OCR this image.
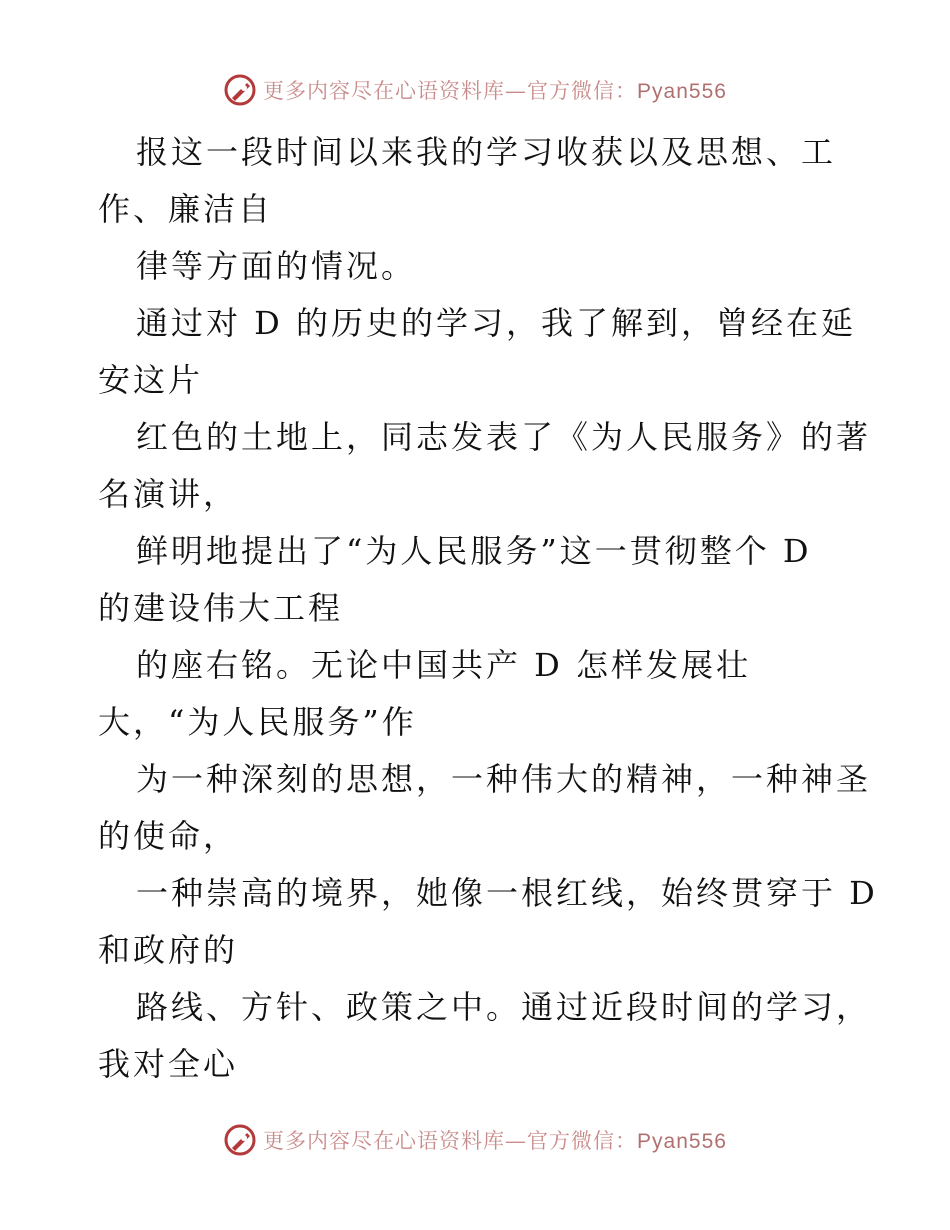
更多内容尽在心语资料库—官方微信：Pyan556
报这一段时间以来我的学习收获以及思想、工
作、廉洁自
律等方面的情况。
通过对 D 的历史的学习，我了解到，曾经在延
安这片
红色的土地上，同志发表了《为人民服务》的著
名演讲，
鲜明地提出了“为人民服务”这一贯彻整个 D
的建设伟大工程
的座右铭。无论中国共产 D 怎样发展壮
大，“为人民服务”作
为一种深刻的思想，一种伟大的精神，一种神圣
的使命，
一种崇高的境界，她像一根红线，始终贯穿于 D
和政府的
路线、方针、政策之中。通过近段时间的学习，
我对全心
更多内容尽在心语资料库—官方微信：Pyan556
